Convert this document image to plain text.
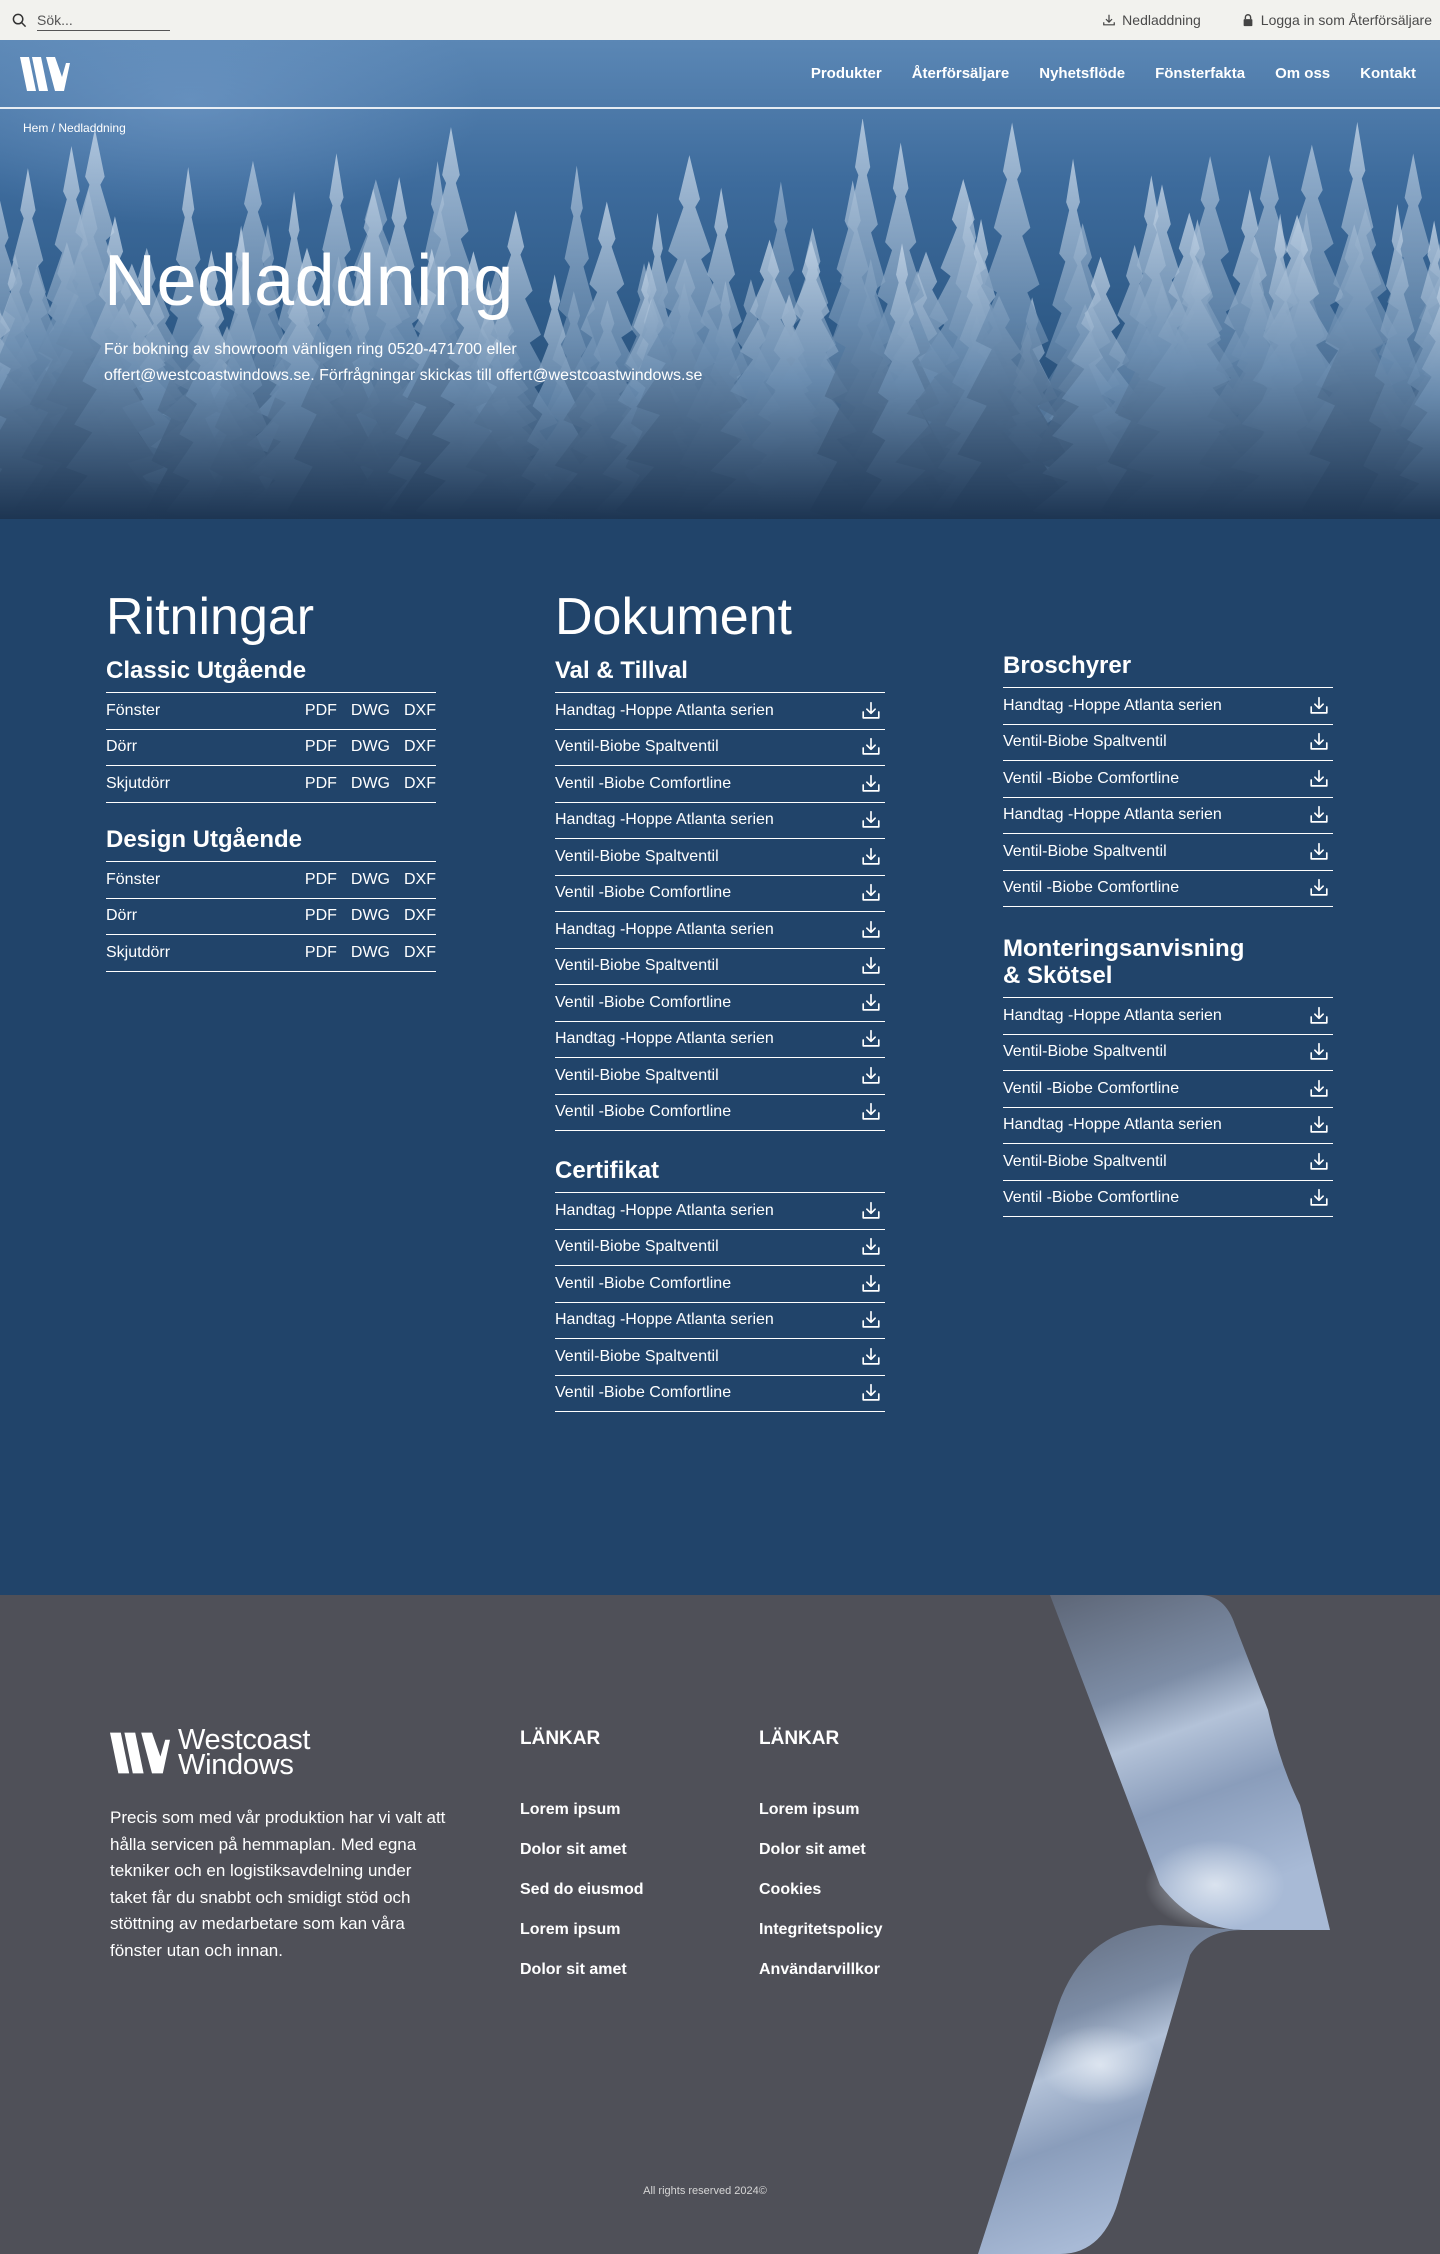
Sök...
Nedladdning	Logga in som Återförsäljare
Produkter Återförsäljare Nyhetsflöde Fönsterfakta Om oss Kontakt
Hem / Nedladdning
Nedladdning

För bokning av showroom vänligen ring 0520-471700 eller
offert@westcoastwindows.se. Förfrågningar skickas till offert@westcoastwindows.se

Ritningar
Classic Utgående
Fönster	PDF DWG DXF
Dörr	PDF DWG DXF
Skjutdörr	PDF DWG DXF
Design Utgående
Fönster	PDF DWG DXF
Dörr	PDF DWG DXF
Skjutdörr	PDF DWG DXF
Dokument
Val & Tillval
Handtag -Hoppe Atlanta serien
Ventil-Biobe Spaltventil
Ventil -Biobe Comfortline
Handtag -Hoppe Atlanta serien
Ventil-Biobe Spaltventil
Ventil -Biobe Comfortline
Handtag -Hoppe Atlanta serien
Ventil-Biobe Spaltventil
Ventil -Biobe Comfortline
Handtag -Hoppe Atlanta serien
Ventil-Biobe Spaltventil
Ventil -Biobe Comfortline
Certifikat
Handtag -Hoppe Atlanta serien
Ventil-Biobe Spaltventil
Ventil -Biobe Comfortline
Handtag -Hoppe Atlanta serien
Ventil-Biobe Spaltventil
Ventil -Biobe Comfortline
Broschyrer
Handtag -Hoppe Atlanta serien
Ventil-Biobe Spaltventil
Ventil -Biobe Comfortline
Handtag -Hoppe Atlanta serien
Ventil-Biobe Spaltventil
Ventil -Biobe Comfortline
Monteringsanvisning
& Skötsel
Handtag -Hoppe Atlanta serien
Ventil-Biobe Spaltventil
Ventil -Biobe Comfortline
Handtag -Hoppe Atlanta serien
Ventil-Biobe Spaltventil
Ventil -Biobe Comfortline
Westcoast
Windows

Precis som med vår produktion har vi valt att hålla servicen på hemmaplan. Med egna tekniker och en logistiksavdelning under taket får du snabbt och smidigt stöd och stöttning av medarbetare som kan våra fönster utan och innan.

LÄNKAR
Lorem ipsum
Dolor sit amet
Sed do eiusmod
Lorem ipsum
Dolor sit amet
LÄNKAR
Lorem ipsum
Dolor sit amet
Cookies
Integritetspolicy
Användarvillkor
All rights reserved 2024©
